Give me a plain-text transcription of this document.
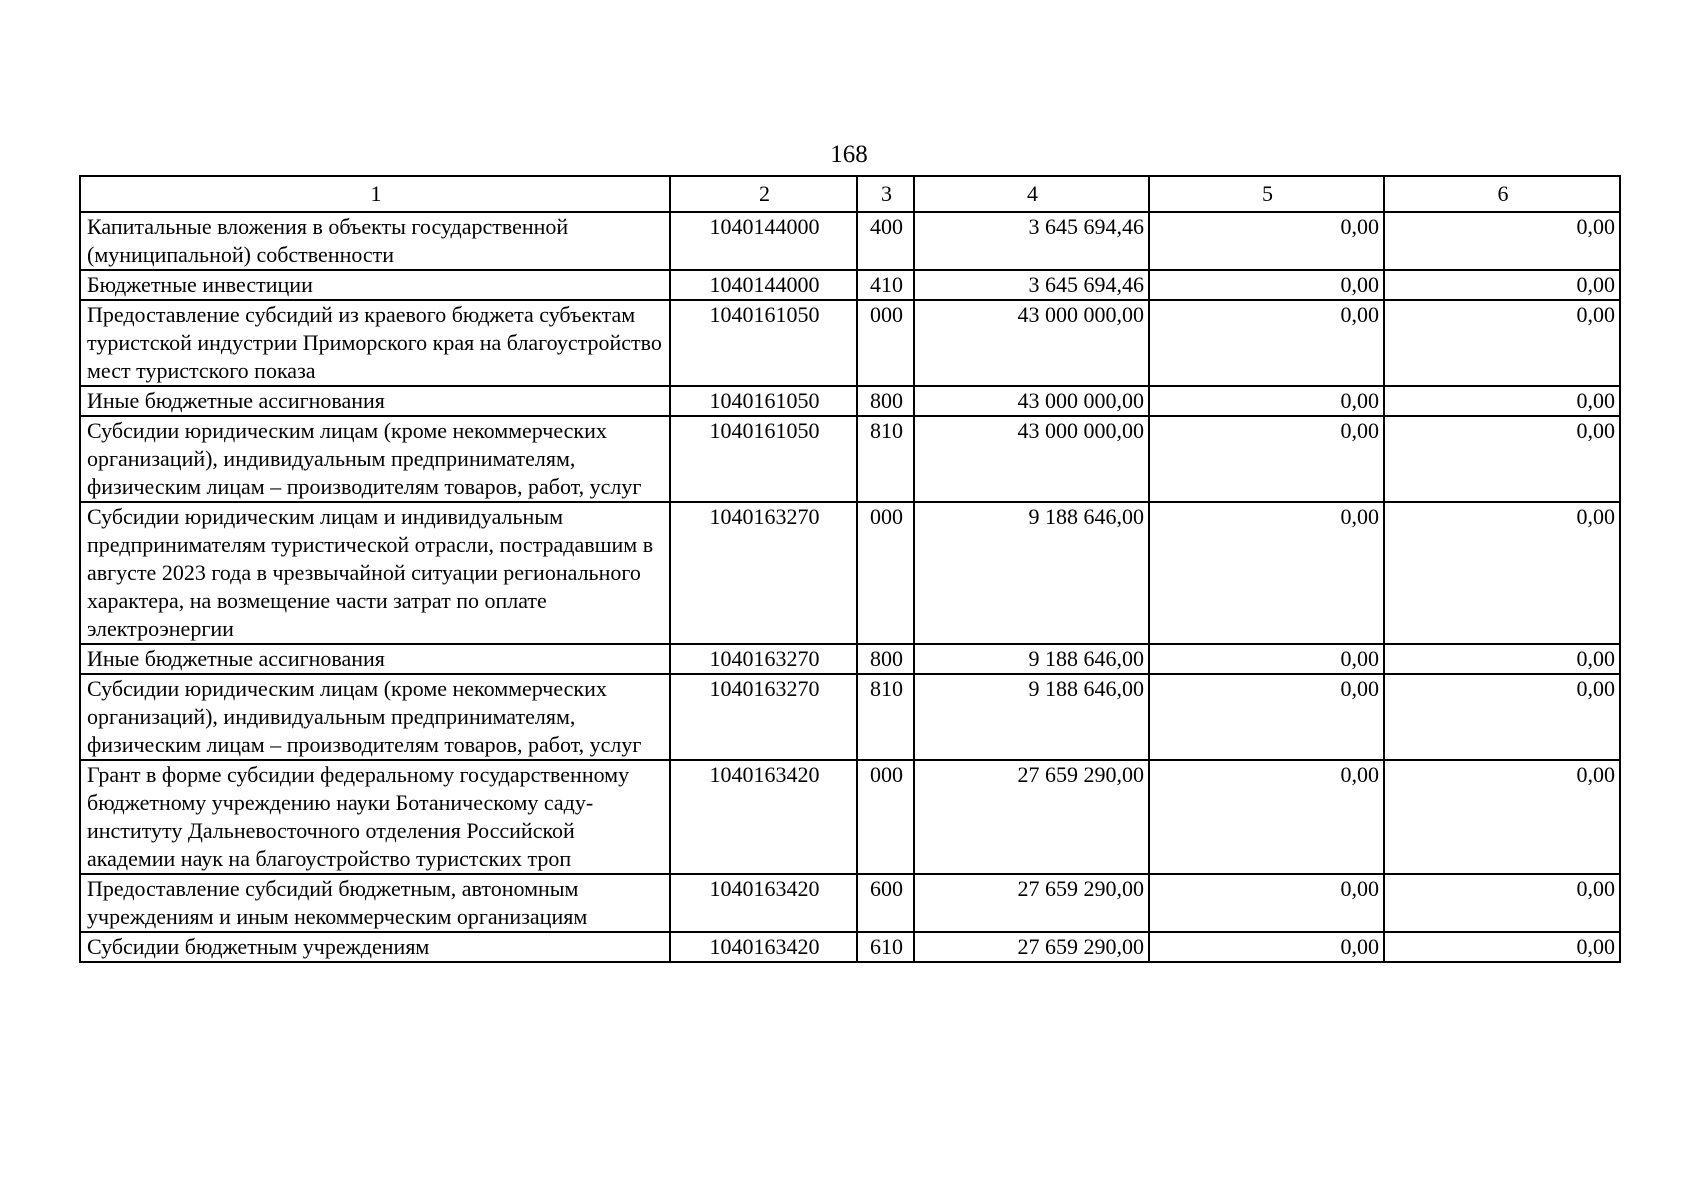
168
1	2	3	4	5	6
Капитальные вложения в объекты государственной (муниципальной) собственности	1040144000	400	3 645 694,46	0,00	0,00
Бюджетные инвестиции	1040144000	410	3 645 694,46	0,00	0,00
Предоставление субсидий из краевого бюджета субъектам туристской индустрии Приморского края на благоустройство мест туристского показа	1040161050	000	43 000 000,00	0,00	0,00
Иные бюджетные ассигнования	1040161050	800	43 000 000,00	0,00	0,00
Субсидии юридическим лицам (кроме некоммерческих организаций), индивидуальным предпринимателям, физическим лицам – производителям товаров, работ, услуг	1040161050	810	43 000 000,00	0,00	0,00
Субсидии юридическим лицам и индивидуальным предпринимателям туристической отрасли, пострадавшим в августе 2023 года в чрезвычайной ситуации регионального характера, на возмещение части затрат по оплате электроэнергии	1040163270	000	9 188 646,00	0,00	0,00
Иные бюджетные ассигнования	1040163270	800	9 188 646,00	0,00	0,00
Субсидии юридическим лицам (кроме некоммерческих организаций), индивидуальным предпринимателям, физическим лицам – производителям товаров, работ, услуг	1040163270	810	9 188 646,00	0,00	0,00
Грант в форме субсидии федеральному государственному бюджетному учреждению науки Ботаническому саду-институту Дальневосточного отделения Российской академии наук на благоустройство туристских троп	1040163420	000	27 659 290,00	0,00	0,00
Предоставление субсидий бюджетным, автономным учреждениям и иным некоммерческим организациям	1040163420	600	27 659 290,00	0,00	0,00
Субсидии бюджетным учреждениям	1040163420	610	27 659 290,00	0,00	0,00
